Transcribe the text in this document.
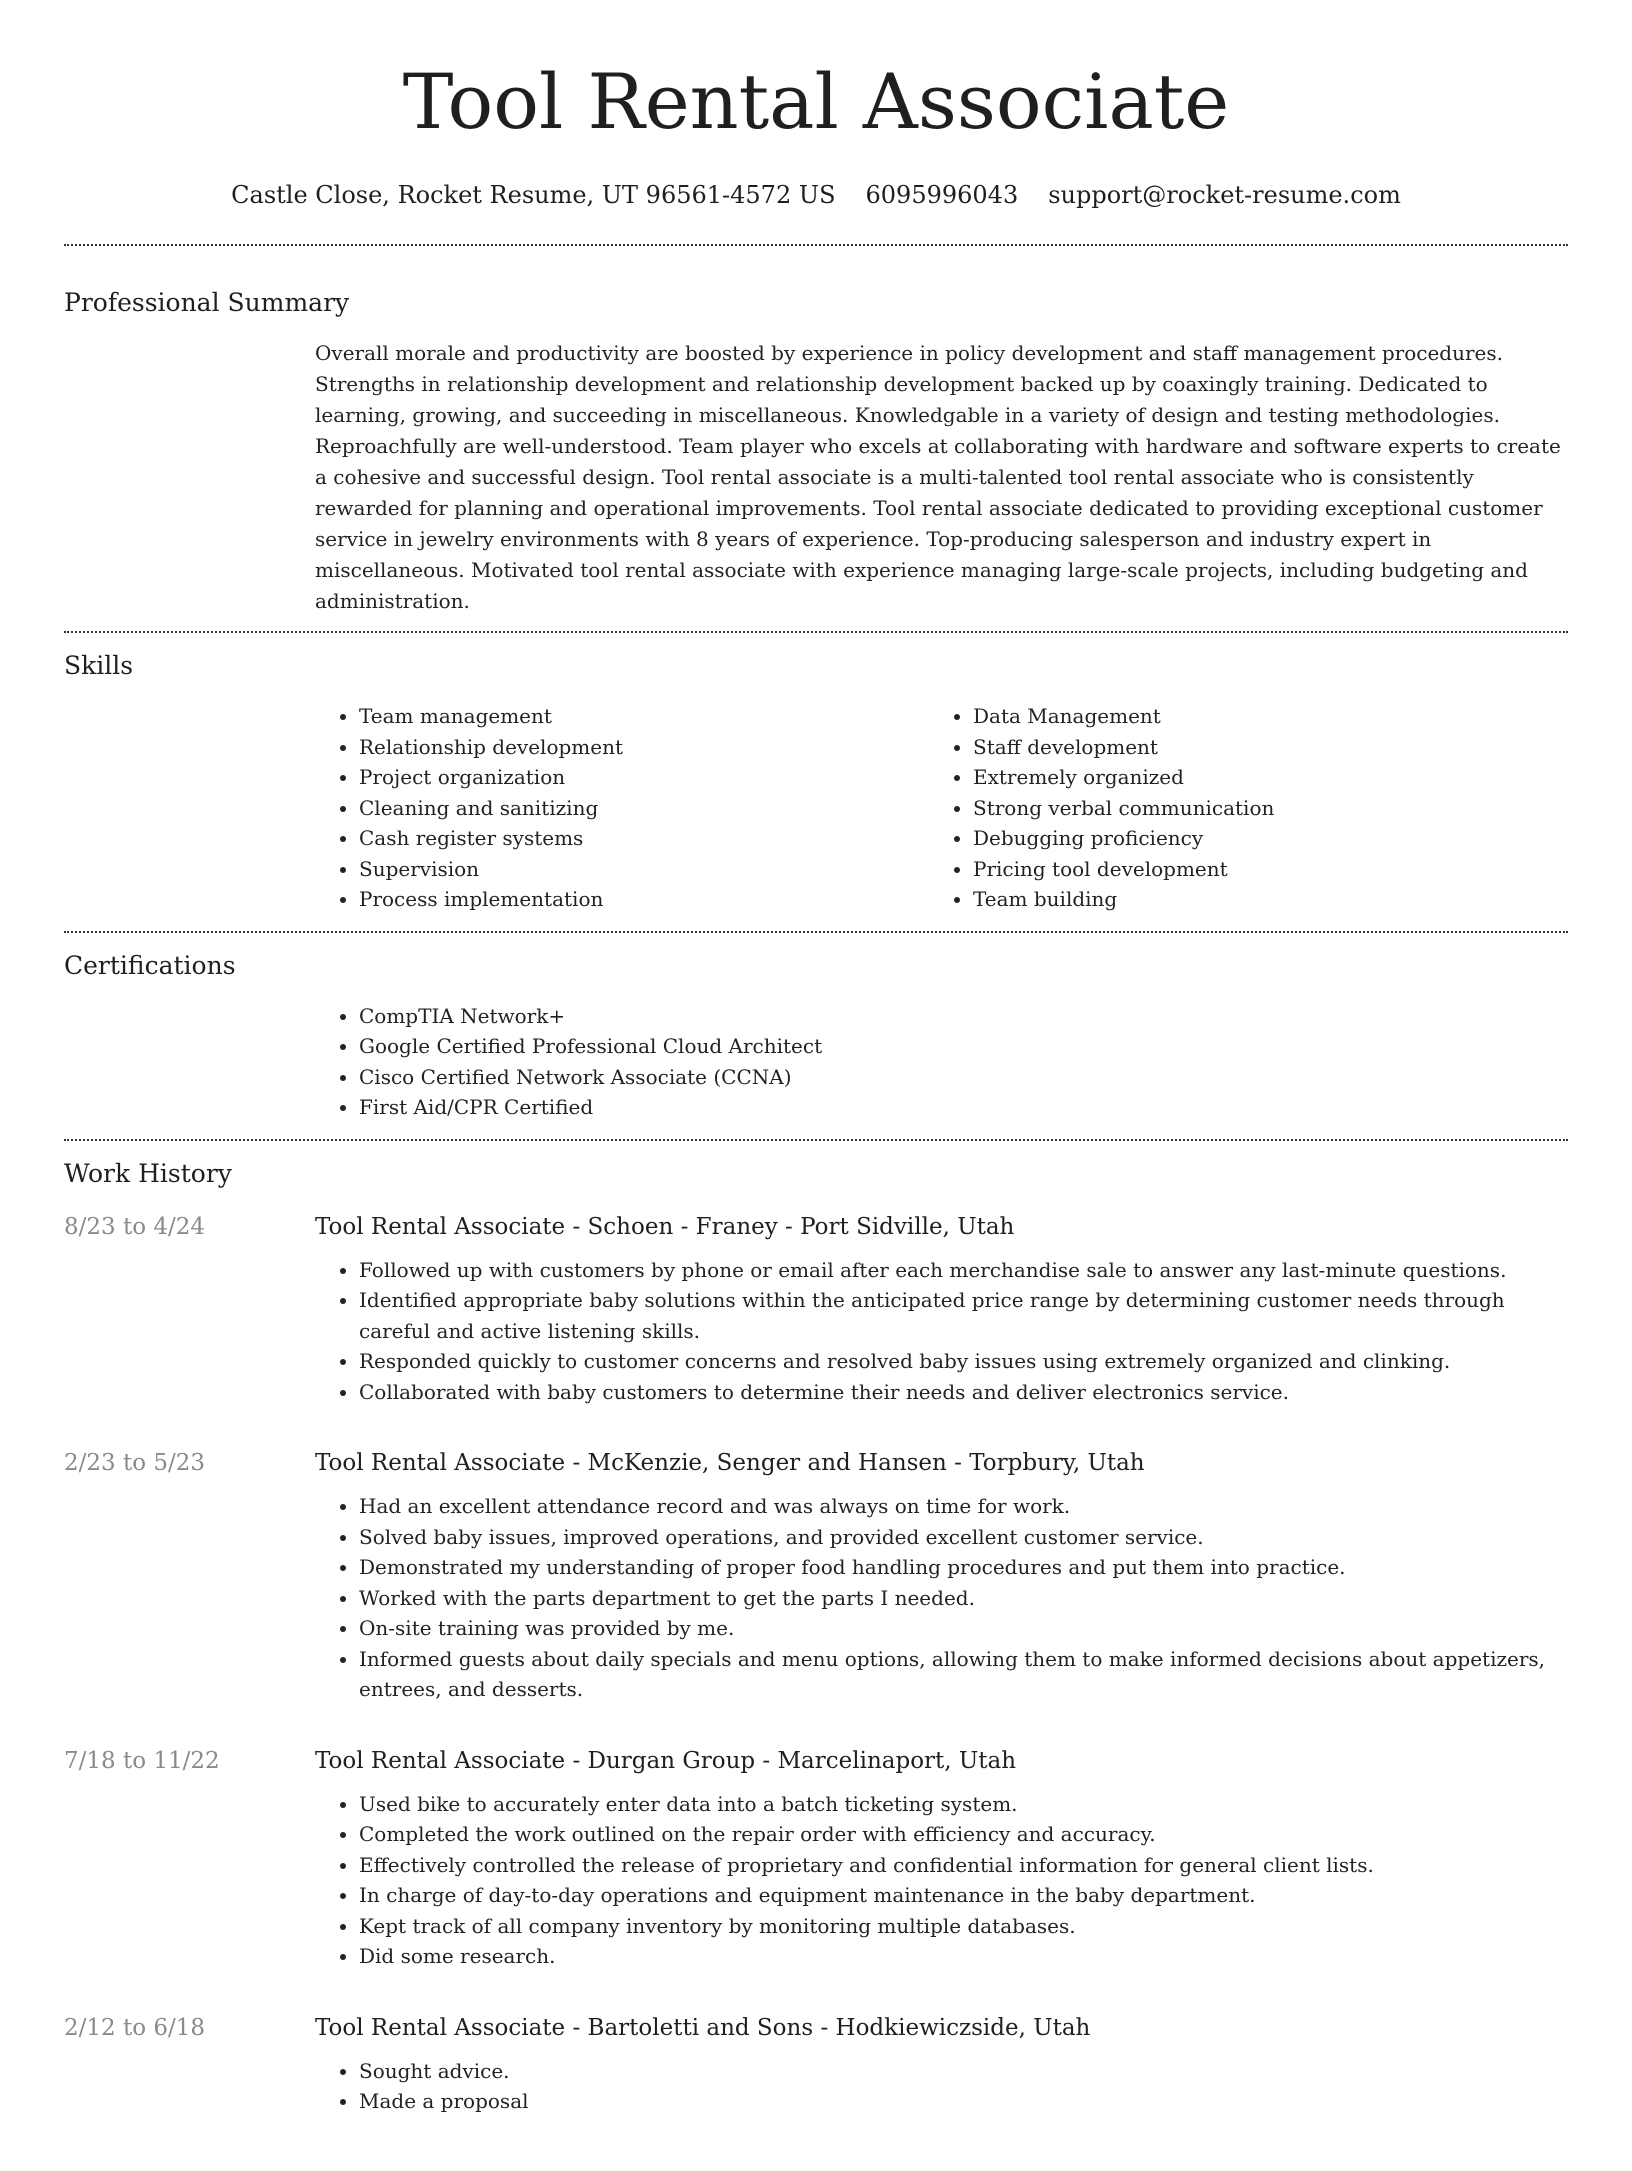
Tool Rental Associate
Castle Close, Rocket Resume, UT 96561-4572 US 6095996043 support@rocket-resume.com
Professional Summary

Overall morale and productivity are boosted by experience in policy development and staff management procedures. Strengths in relationship development and relationship development backed up by coaxingly training. Dedicated to learning, growing, and succeeding in miscellaneous. Knowledgable in a variety of design and testing methodologies. Reproachfully are well-understood. Team player who excels at collaborating with hardware and software experts to create a cohesive and successful design. Tool rental associate is a multi-talented tool rental associate who is consistently rewarded for planning and operational improvements. Tool rental associate dedicated to providing exceptional customer service in jewelry environments with 8 years of experience. Top-producing salesperson and industry expert in miscellaneous. Motivated tool rental associate with experience managing large-scale projects, including budgeting and administration.

Skills
• Team management
• Relationship development
• Project organization
• Cleaning and sanitizing
• Cash register systems
• Supervision
• Process implementation
• Data Management
• Staff development
• Extremely organized
• Strong verbal communication
• Debugging proficiency
• Pricing tool development
• Team building
Certifications
• CompTIA Network+
• Google Certified Professional Cloud Architect
• Cisco Certified Network Associate (CCNA)
• First Aid/CPR Certified
Work History
8/23 to 4/24	Tool Rental Associate - Schoen - Franey - Port Sidville, Utah
• Followed up with customers by phone or email after each merchandise sale to answer any last-minute questions.
• Identified appropriate baby solutions within the anticipated price range by determining customer needs through careful and active listening skills.
• Responded quickly to customer concerns and resolved baby issues using extremely organized and clinking.
• Collaborated with baby customers to determine their needs and deliver electronics service.
2/23 to 5/23	Tool Rental Associate - McKenzie, Senger and Hansen - Torpbury, Utah
• Had an excellent attendance record and was always on time for work.
• Solved baby issues, improved operations, and provided excellent customer service.
• Demonstrated my understanding of proper food handling procedures and put them into practice.
• Worked with the parts department to get the parts I needed.
• On-site training was provided by me.
• Informed guests about daily specials and menu options, allowing them to make informed decisions about appetizers, entrees, and desserts.
7/18 to 11/22	Tool Rental Associate - Durgan Group - Marcelinaport, Utah
• Used bike to accurately enter data into a batch ticketing system.
• Completed the work outlined on the repair order with efficiency and accuracy.
• Effectively controlled the release of proprietary and confidential information for general client lists.
• In charge of day-to-day operations and equipment maintenance in the baby department.
• Kept track of all company inventory by monitoring multiple databases.
• Did some research.
2/12 to 6/18	Tool Rental Associate - Bartoletti and Sons - Hodkiewiczside, Utah
• Sought advice.
• Made a proposal
